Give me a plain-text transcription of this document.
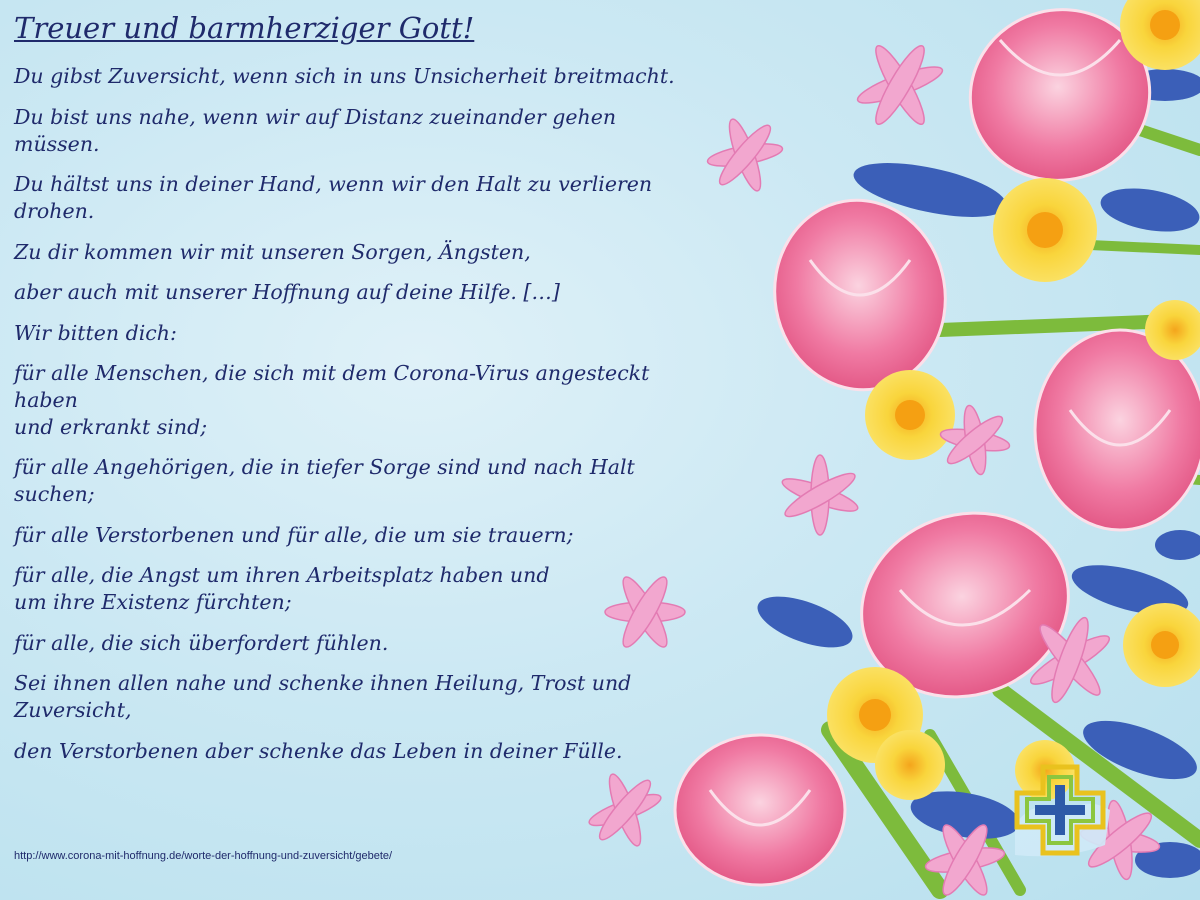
Treuer und barmherziger Gott!
Du gibst Zuversicht, wenn sich in uns Unsicherheit breitmacht.
Du bist uns nahe, wenn wir auf Distanz zueinander gehen müssen.
Du hältst uns in deiner Hand, wenn wir den Halt zu verlieren drohen.
Zu dir kommen wir mit unseren Sorgen, Ängsten,
aber auch mit unserer Hoffnung auf deine Hilfe. […]
Wir bitten dich:
für alle Menschen, die sich mit dem Corona-Virus angesteckt haben
und erkrankt sind;
für alle Angehörigen, die in tiefer Sorge sind und nach Halt suchen;
für alle Verstorbenen und für alle, die um sie trauern;
für alle, die Angst um ihren Arbeitsplatz haben und
um ihre Existenz fürchten;
für alle, die sich überfordert fühlen.
Sei ihnen allen nahe und schenke ihnen Heilung, Trost und
Zuversicht,
den Verstorbenen aber schenke das Leben in deiner Fülle.
http://www.corona-mit-hoffnung.de/worte-der-hoffnung-und-zuversicht/gebete/
